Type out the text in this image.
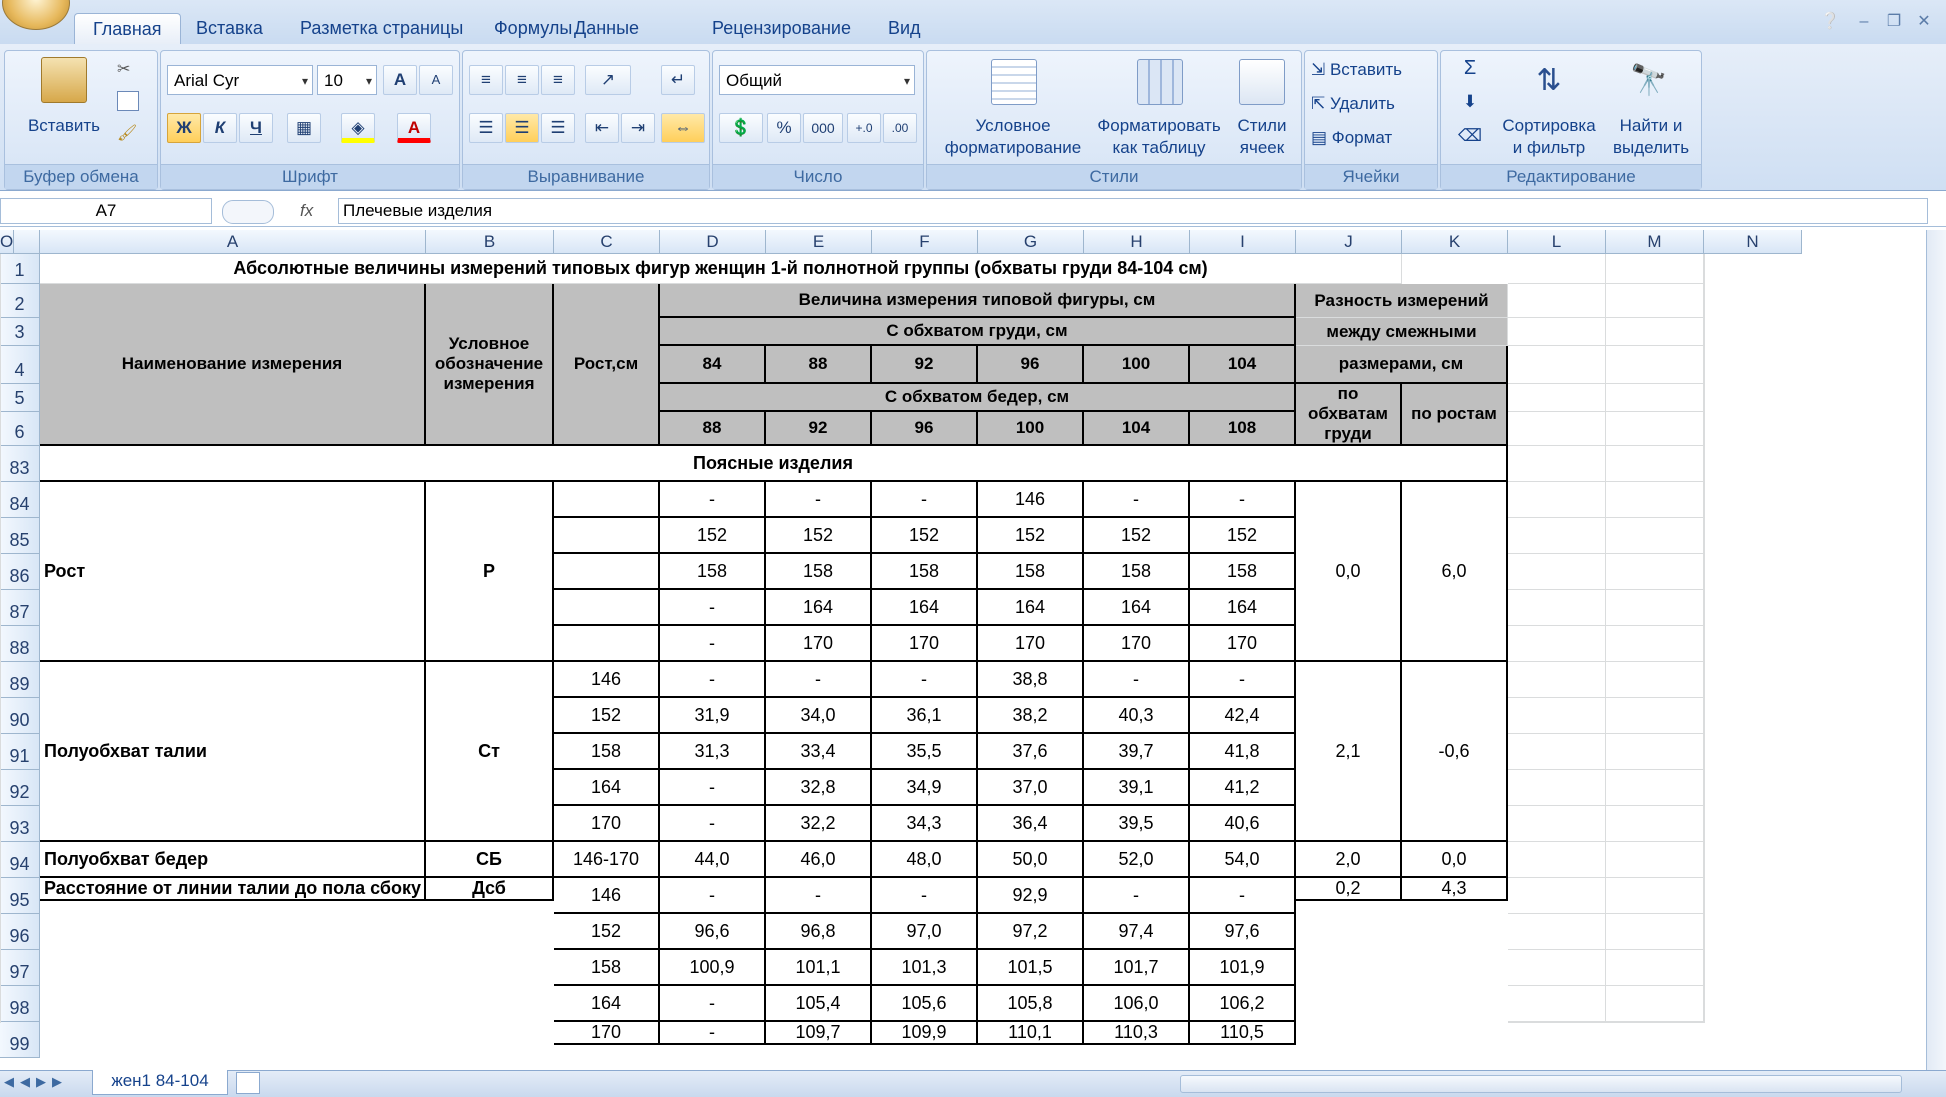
Главная	Вставка	Разметка страницы	Формулы Данные	Рецензирование	Вид	❔	–	❐	✕
Вставить
✂
🖌
Буфер обмена
Arial Cyr ▾	10 ▾	A	A
Ж	К	Ч	▦	◈	A
Шрифт
≡	≡	≡	↗	↵
☰	☰	☰	⇤	⇥	⇔
Выравнивание
Общий ▾
💲	%	000	+.0	.00
Число
Условное
форматирование
Форматировать
как таблицу
Стили
ячеек
Стили
⇲ Вставить
⇱ Удалить
▤ Формат
Ячейки
Σ
⬇
⌫
⇅
Сортировка
и фильтр
🔭
Найти и
выделить
Редактирование
A7	fx	Плечевые изделия
A	B	C	D	E	F	G	H	I	J	K	L	M	N
O
1
2
3
4
5
6
83
84
85
86
87
88
89
90
91
92
93
94
95
96
97
98
99
Абсолютные величины измерений типовых фигур женщин 1-й полнотной группы (обхваты груди 84-104 см)
Наименование измерения
Условное обозначение измерения
Рост,см
Величина измерения типовой фигуры, см
С обхватом груди, см
84	88	92	96	100	104
С обхватом бедер, см
88	92	96	100	104	108
Разность измерений
между смежными
размерами, см
по обхватам груди
по ростам
Поясные изделия
Рост	Р
-	-	-	146	-	-
152	152	152	152	152	152
158	158	158	158	158	158
-	164	164	164	164	164
-	170	170	170	170	170
0,0	6,0
Полуобхват талии	Ст
146	-	-	-	38,8	-	-
152	31,9	34,0	36,1	38,2	40,3	42,4
158	31,3	33,4	35,5	37,6	39,7	41,8
164	-	32,8	34,9	37,0	39,1	41,2
170	-	32,2	34,3	36,4	39,5	40,6
2,1	-0,6
Полуобхват бедер	СБ	146-170	44,0	46,0	48,0	50,0	52,0	54,0	2,0	0,0
Расстояние от линии талии до пола сбоку	Дсб	146	-	-	-	92,9	-	-
152	96,6	96,8	97,0	97,2	97,4	97,6
158	100,9	101,1	101,3	101,5	101,7	101,9
164	-	105,4	105,6	105,8	106,0	106,2
170	-	109,7	109,9	110,1	110,3	110,5
0,2	4,3
◀◀▶▶	жен1 84-104
